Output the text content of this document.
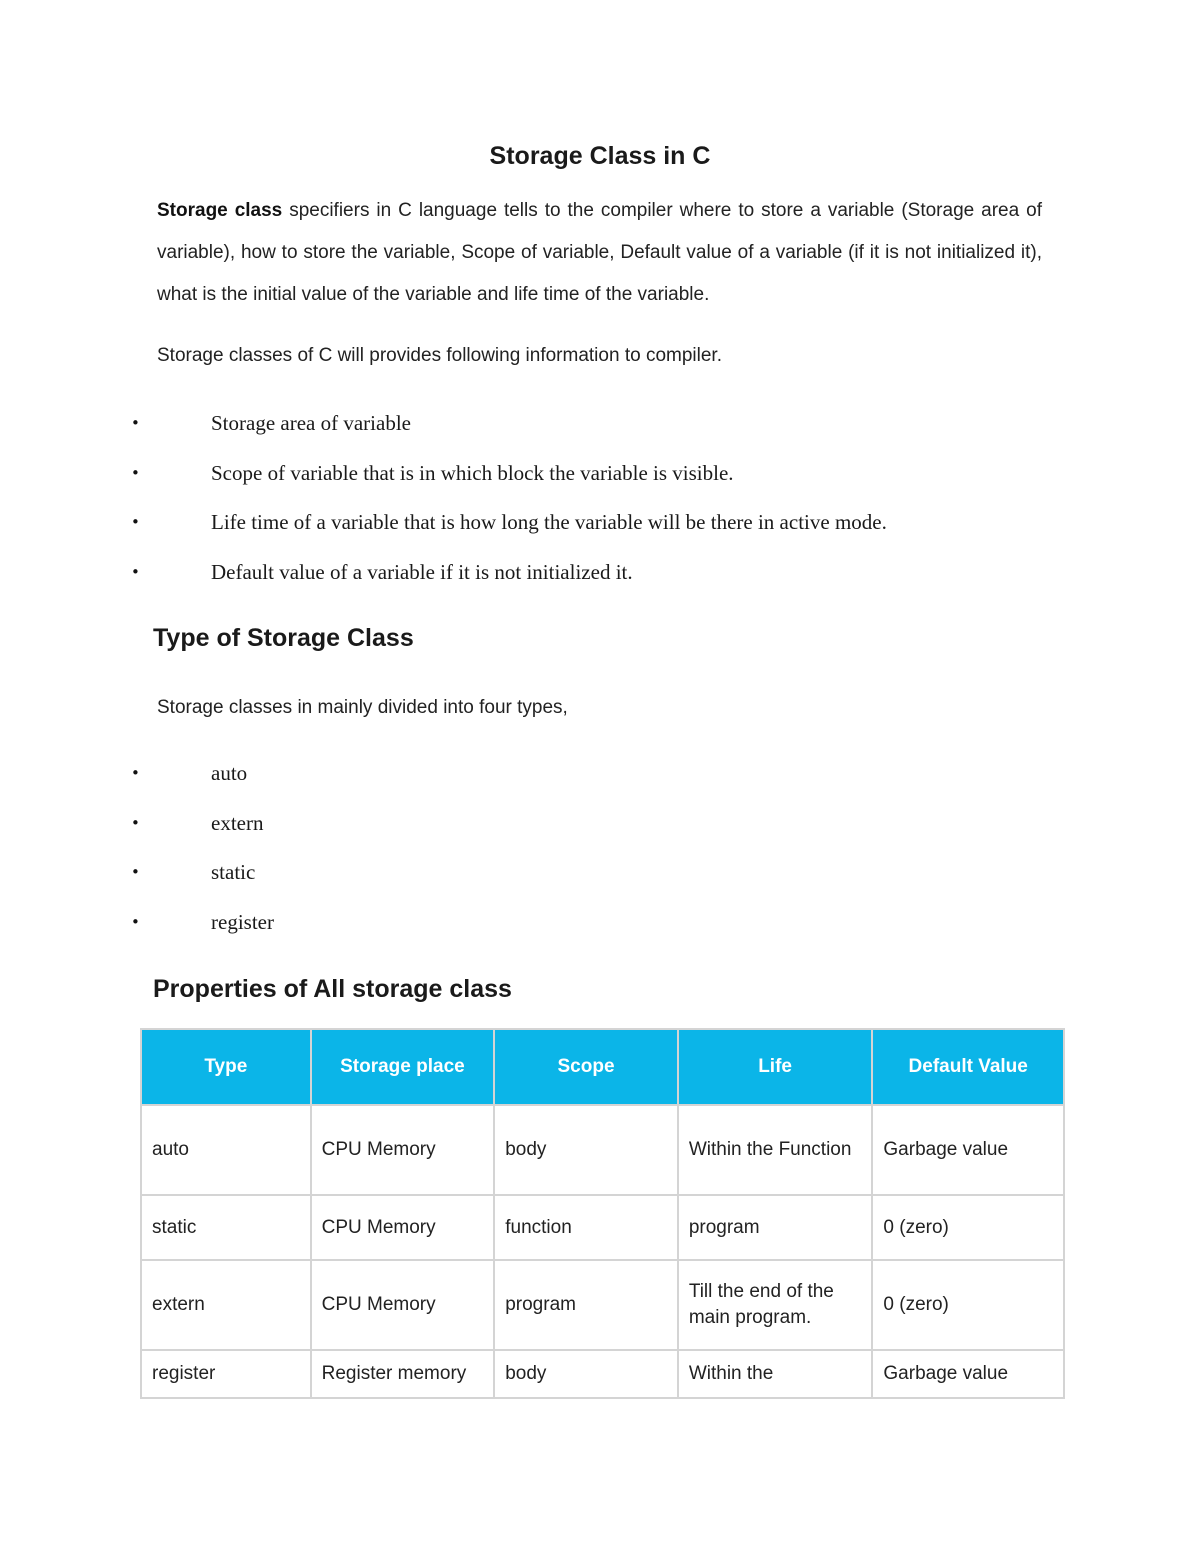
Storage Class in C

Storage class specifiers in C language tells to the compiler where to store a variable (Storage area of variable), how to store the variable, Scope of variable, Default value of a variable (if it is not initialized it), what is the initial value of the variable and life time of the variable.

Storage classes of C will provides following information to compiler.

•	Storage area of variable
•	Scope of variable that is in which block the variable is visible.
•	Life time of a variable that is how long the variable will be there in active mode.
•	Default value of a variable if it is not initialized it.
Type of Storage Class

Storage classes in mainly divided into four types,

•	auto
•	extern
•	static
•	register
Properties of All storage class
Type	Storage place	Scope	Life	Default Value
auto	CPU Memory	body	Within the Function	Garbage value
static	CPU Memory	function	program	0 (zero)
extern	CPU Memory	program	Till the end of the main program.	0 (zero)
register	Register memory	body	Within the	Garbage value
